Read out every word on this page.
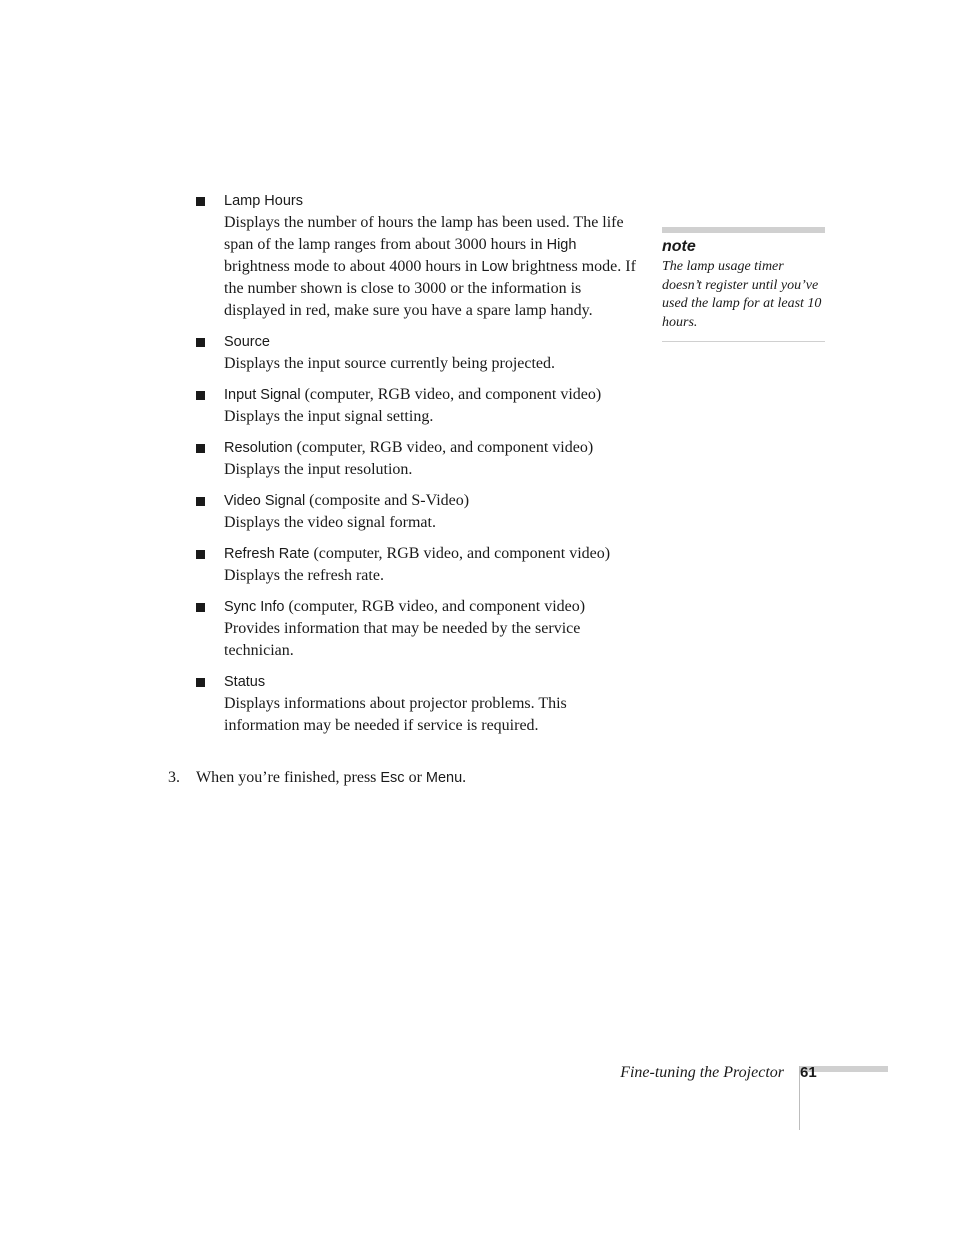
Lamp Hours
Displays the number of hours the lamp has been used. The life span of the lamp ranges from about 3000 hours in High brightness mode to about 4000 hours in Low brightness mode. If the number shown is close to 3000 or the information is displayed in red, make sure you have a spare lamp handy.
Source
Displays the input source currently being projected.
Input Signal (computer, RGB video, and component video)
Displays the input signal setting.
Resolution (computer, RGB video, and component video)
Displays the input resolution.
Video Signal (composite and S-Video)
Displays the video signal format.
Refresh Rate (computer, RGB video, and component video)
Displays the refresh rate.
Sync Info (computer, RGB video, and component video)
Provides information that may be needed by the service technician.
Status
Displays informations about projector problems. This information may be needed if service is required.
3. When you’re finished, press Esc or Menu.
note
The lamp usage timer doesn’t register until you’ve used the lamp for at least 10 hours.
Fine-tuning the Projector 61
